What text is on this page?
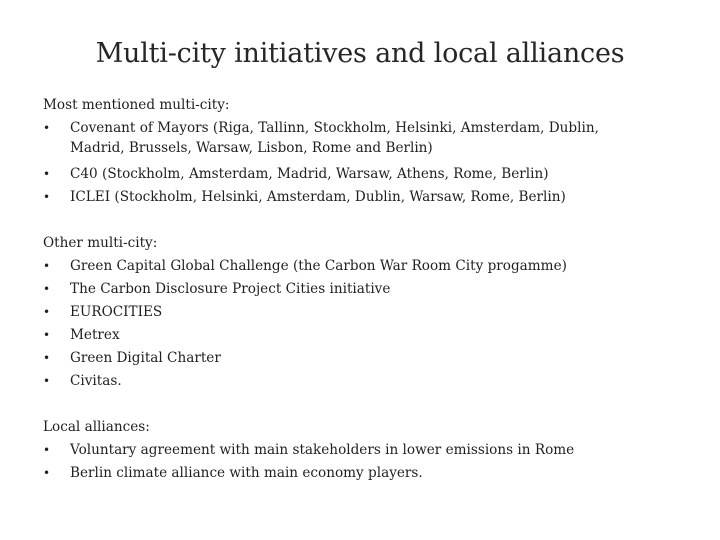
Multi-city initiatives and local alliances
Most mentioned multi-city:
•	Covenant of Mayors (Riga, Tallinn, Stockholm, Helsinki, Amsterdam, Dublin,
Madrid, Brussels, Warsaw, Lisbon, Rome and Berlin)
•	C40 (Stockholm, Amsterdam, Madrid, Warsaw, Athens, Rome, Berlin)
•	ICLEI (Stockholm, Helsinki, Amsterdam, Dublin, Warsaw, Rome, Berlin)
Other multi-city:
•	Green Capital Global Challenge (the Carbon War Room City progamme)
•	The Carbon Disclosure Project Cities initiative
•	EUROCITIES
•	Metrex
•	Green Digital Charter
•	Civitas.
Local alliances:
•	Voluntary agreement with main stakeholders in lower emissions in Rome
•	Berlin climate alliance with main economy players.
